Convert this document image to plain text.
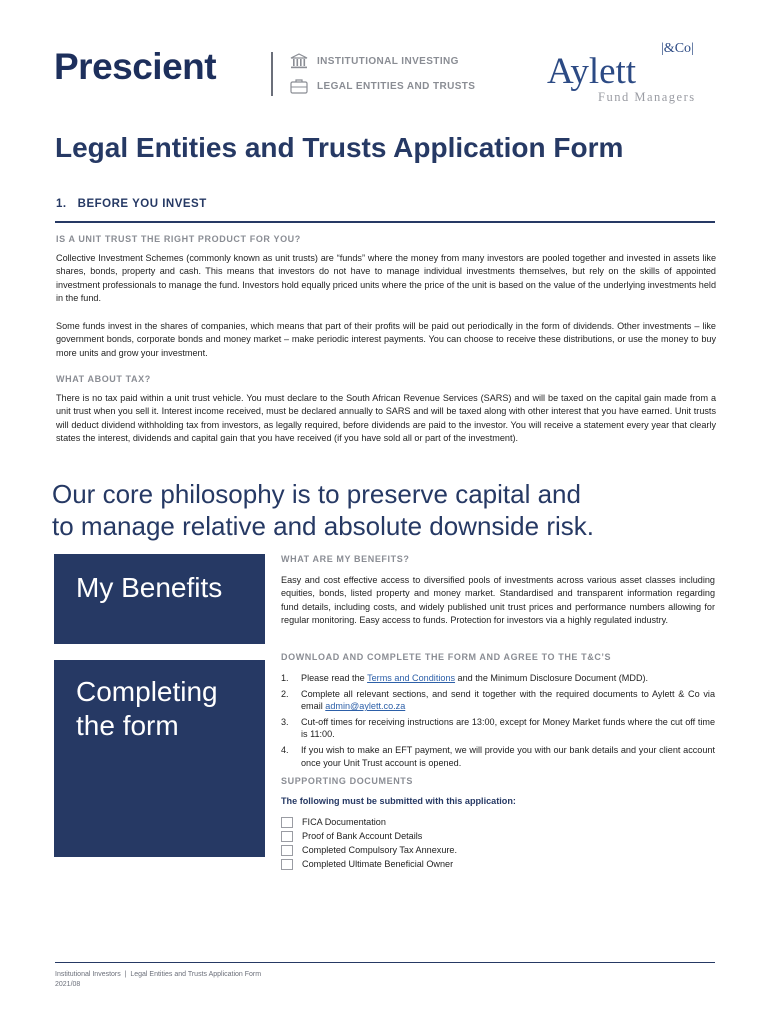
Prescient	INSTITUTIONAL INVESTING
LEGAL ENTITIES AND TRUSTS Aylett
|&Co|
Fund Managers
Legal Entities and Trusts Application Form
1.   BEFORE YOU INVEST
IS A UNIT TRUST THE RIGHT PRODUCT FOR YOU?
Collective Investment Schemes (commonly known as unit trusts) are “funds” where the money from many investors are pooled together and invested in assets like shares, bonds, property and cash. This means that investors do not have to manage individual investments themselves, but rely on the skills of appointed investment professionals to manage the fund. Investors hold equally priced units where the price of the unit is based on the value of the underlying investments held in the fund.
Some funds invest in the shares of companies, which means that part of their profits will be paid out periodically in the form of dividends. Other investments – like government bonds, corporate bonds and money market – make periodic interest payments. You can choose to receive these distributions, or use the money to buy more units and grow your investment.
WHAT ABOUT TAX?
There is no tax paid within a unit trust vehicle. You must declare to the South African Revenue Services (SARS) and will be taxed on the capital gain made from a unit trust when you sell it. Interest income received, must be declared annually to SARS and will be taxed along with other interest that you have earned. Unit trusts will deduct dividend withholding tax from investors, as legally required, before dividends are paid to the investor. You will receive a statement every year that clearly states the interest, dividends and capital gain that you have received (if you have sold all or part of the investment).
Our core philosophy is to preserve capital and
to manage relative and absolute downside risk.
My Benefits
Completing
the form
WHAT ARE MY BENEFITS?
Easy and cost effective access to diversified pools of investments across various asset classes including equities, bonds, listed property and money market. Standardised and transparent information regarding fund details, including costs, and widely published unit trust prices and performance numbers allowing for regular monitoring. Easy access to funds. Protection for investors via a highly regulated industry.
DOWNLOAD AND COMPLETE THE FORM AND AGREE TO THE T&C’S
1. Please read the Terms and Conditions and the Minimum Disclosure Document (MDD).
2. Complete all relevant sections, and send it together with the required documents to Aylett & Co via email admin@aylett.co.za
3. Cut-off times for receiving instructions are 13:00, except for Money Market funds where the cut off time is 11:00.
4. If you wish to make an EFT payment, we will provide you with our bank details and your client account once your Unit Trust account is opened.
SUPPORTING DOCUMENTS
The following must be submitted with this application:
FICA Documentation
Proof of Bank Account Details
Completed Compulsory Tax Annexure.
Completed Ultimate Beneficial Owner
Institutional Investors  |  Legal Entities and Trusts Application Form
2021/08
